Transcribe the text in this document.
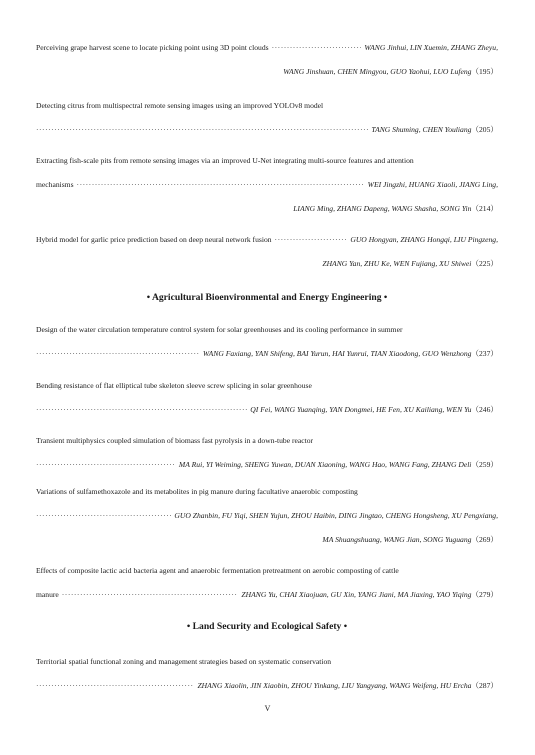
Perceiving grape harvest scene to locate picking point using 3D point clouds ·····	WANG Jinhui, LIN Xuemin, ZHANG Zheyu,
WANG Jinshuan, CHEN Mingyou, GUO Yaohui, LUO Lufeng（195）
Detecting citrus from multispectral remote sensing images using an improved YOLOv8 model
·····
TANG Shuming, CHEN Youliang （205）
Extracting fish-scale pits from remote sensing images via an improved U-Net integrating multi-source features and attention
mechanisms ·····	WEI Jingzhi, HUANG Xiaoli, JIANG Ling,
LIANG Ming, ZHANG Dapeng, WANG Shasha, SONG Yin（214）
Hybrid model for garlic price prediction based on deep neural network fusion ·····	GUO Hongyan, ZHANG Hongqi, LIU Pingzeng,
ZHANG Yan, ZHU Ke, WEN Fujiang, XU Shiwei（225）
• Agricultural Bioenvironmental and Energy Engineering •
Design of the water circulation temperature control system for solar greenhouses and its cooling performance in summer
·····
WANG Faxiang, YAN Shifeng, BAI Yurun, HAI Yunrui, TIAN Xiaodong, GUO Wenzhong （237）
Bending resistance of flat elliptical tube skeleton sleeve screw splicing in solar greenhouse
·····
QI Fei, WANG Yuanqing, YAN Dongmei, HE Fen, XU Kailiang, WEN Yu （246）
Transient multiphysics coupled simulation of biomass fast pyrolysis in a down-tube reactor
·····
MA Rui, YI Weiming, SHENG Yuwan, DUAN Xiaoning, WANG Hao, WANG Fang, ZHANG Deli （259）
Variations of sulfamethoxazole and its metabolites in pig manure during facultative anaerobic composting
·····
GUO Zhanbin, FU Yiqi, SHEN Yujun, ZHOU Haibin, DING Jingtao, CHENG Hongsheng, XU Pengxiang,
MA Shuangshuang, WANG Jian, SONG Yuguang（269）
Effects of composite lactic acid bacteria agent and anaerobic fermentation pretreatment on aerobic composting of cattle
manure ·····	ZHANG Yu, CHAI Xiaojuan, GU Xin, YANG Jiani, MA Jiaxing, YAO Yiqing （279）
• Land Security and Ecological Safety •
Territorial spatial functional zoning and management strategies based on systematic conservation
·····
ZHANG Xiaolin, JIN Xiaobin, ZHOU Yinkang, LIU Yangyang, WANG Weifeng, HU Ercha （287）
V
